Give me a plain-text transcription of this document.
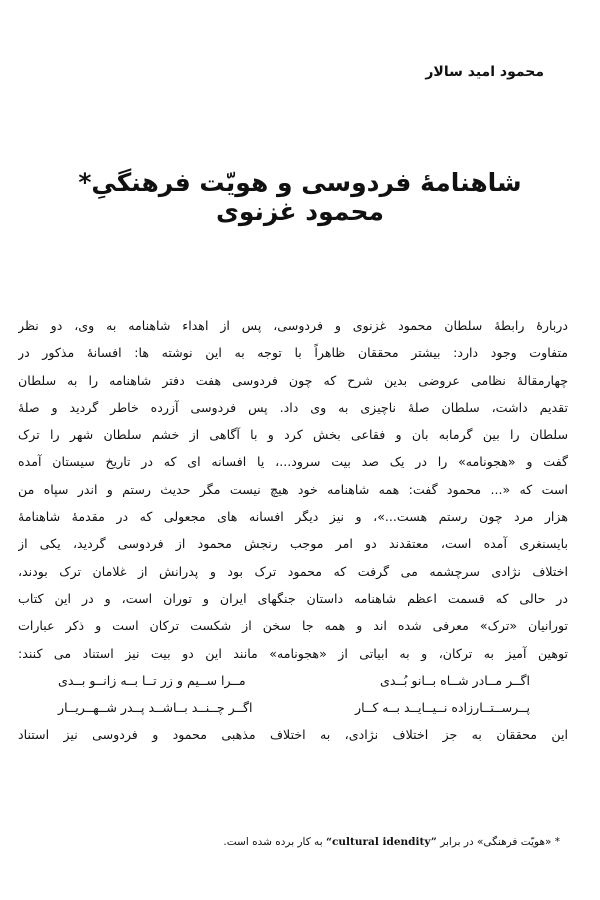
محمود امید سالار
شاهنامهٔ فردوسی و هویّت فرهنگیِ* محمود غزنوی
دربارۀ رابطۀ سلطان محمود غزنوی و فردوسی، پس از اهداء شاهنامه به وی، دو نظر
متفاوت وجود دارد: بیشتر محققان ظاهراً با توجه به این نوشته ها: افسانهٔ مذکور در
چهارمقالهٔ نظامی عروضی بدین شرح که چون فردوسی هفت دفتر شاهنامه را به سلطان
تقدیم داشت، سلطان صلهٔ ناچیزی به وی داد. پس فردوسی آزرده خاطر گردید و صلهٔ
سلطان را بین گرمابه بان و فقاعی بخش کرد و با آگاهی از خشم سلطان شهر را ترک
گفت و «هجونامه» را در یک صد بیت سرود...، یا افسانه ای که در تاریخ سیستان آمده
است که «... محمود گفت: همه شاهنامه خود هیچ نیست مگر حدیث رستم و اندر سپاه من
هزار مرد چون رستم هست...»، و نیز دیگر افسانه های مجعولی که در مقدمهٔ شاهنامهٔ
بایسنغری آمده است، معتقدند دو امر موجب رنجش محمود از فردوسی گردید، یکی از
اختلاف نژادی سرچشمه می گرفت که محمود ترک بود و پدرانش از غلامان ترک بودند،
در حالی که قسمت اعظم شاهنامه داستان جنگهای ایران و توران است، و در این کتاب
تورانیان «ترک» معرفی شده اند و همه جا سخن از شکست ترکان است و ذکر عبارات
توهین آمیز به ترکان، و به ابیاتی از «هجونامه» مانند این دو بیت نیز استناد می کنند:
اگــر مــادر شــاه بــانو بُــدی
مــرا ســیم و زر تــا بــه زانــو بــدی
پــرســتــارزاده نــیــایــد بــه کــار
اگــر چــنــد بــاشــد پــدر شــهــریــار
این محققان به جز اختلاف نژادی، به اختلاف مذهبی محمود و فردوسی نیز استناد
* «هویّت فرهنگی» در برابر “cultural idendity” به کار برده شده است.
